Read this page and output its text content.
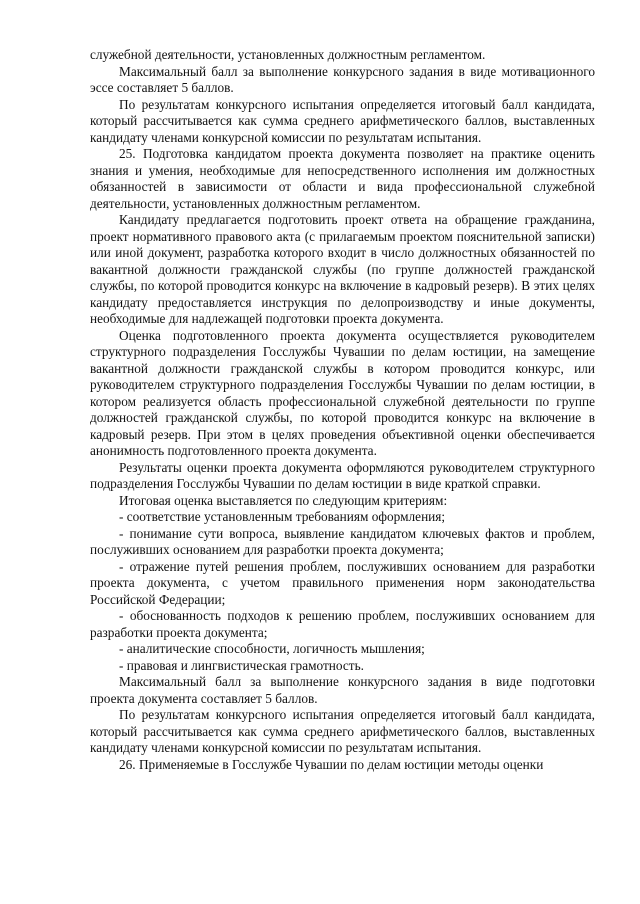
служебной деятельности, установленных должностным регламентом.

Максимальный балл за выполнение конкурсного задания в виде мотивационного эссе составляет 5 баллов.

По результатам конкурсного испытания определяется итоговый балл кандидата, который рассчитывается как сумма среднего арифметического баллов, выставленных кандидату членами конкурсной комиссии по результатам испытания.

25. Подготовка кандидатом проекта документа позволяет на практике оценить знания и умения, необходимые для непосредственного исполнения им должностных обязанностей в зависимости от области и вида профессиональной служебной деятельности, установленных должностным регламентом.

Кандидату предлагается подготовить проект ответа на обращение гражданина, проект нормативного правового акта (с прилагаемым проектом пояснительной записки) или иной документ, разработка которого входит в число должностных обязанностей по вакантной должности гражданской службы (по группе должностей гражданской службы, по которой проводится конкурс на включение в кадровый резерв). В этих целях кандидату предоставляется инструкция по делопроизводству и иные документы, необходимые для надлежащей подготовки проекта документа.

Оценка подготовленного проекта документа осуществляется руководителем структурного подразделения Госслужбы Чувашии по делам юстиции, на замещение вакантной должности гражданской службы в котором проводится конкурс, или руководителем структурного подразделения Госслужбы Чувашии по делам юстиции, в котором реализуется область профессиональной служебной деятельности по группе должностей гражданской службы, по которой проводится конкурс на включение в кадровый резерв. При этом в целях проведения объективной оценки обеспечивается анонимность подготовленного проекта документа.

Результаты оценки проекта документа оформляются руководителем структурного подразделения Госслужбы Чувашии по делам юстиции в виде краткой справки.

Итоговая оценка выставляется по следующим критериям:

- соответствие установленным требованиям оформления;

- понимание сути вопроса, выявление кандидатом ключевых фактов и проблем, послуживших основанием для разработки проекта документа;

- отражение путей решения проблем, послуживших основанием для разработки проекта документа, с учетом правильного применения норм законодательства Российской Федерации;

- обоснованность подходов к решению проблем, послуживших основанием для разработки проекта документа;

- аналитические способности, логичность мышления;

- правовая и лингвистическая грамотность.

Максимальный балл за выполнение конкурсного задания в виде подготовки проекта документа составляет 5 баллов.

По результатам конкурсного испытания определяется итоговый балл кандидата, который рассчитывается как сумма среднего арифметического баллов, выставленных кандидату членами конкурсной комиссии по результатам испытания.

26. Применяемые в Госслужбе Чувашии по делам юстиции методы оценки
